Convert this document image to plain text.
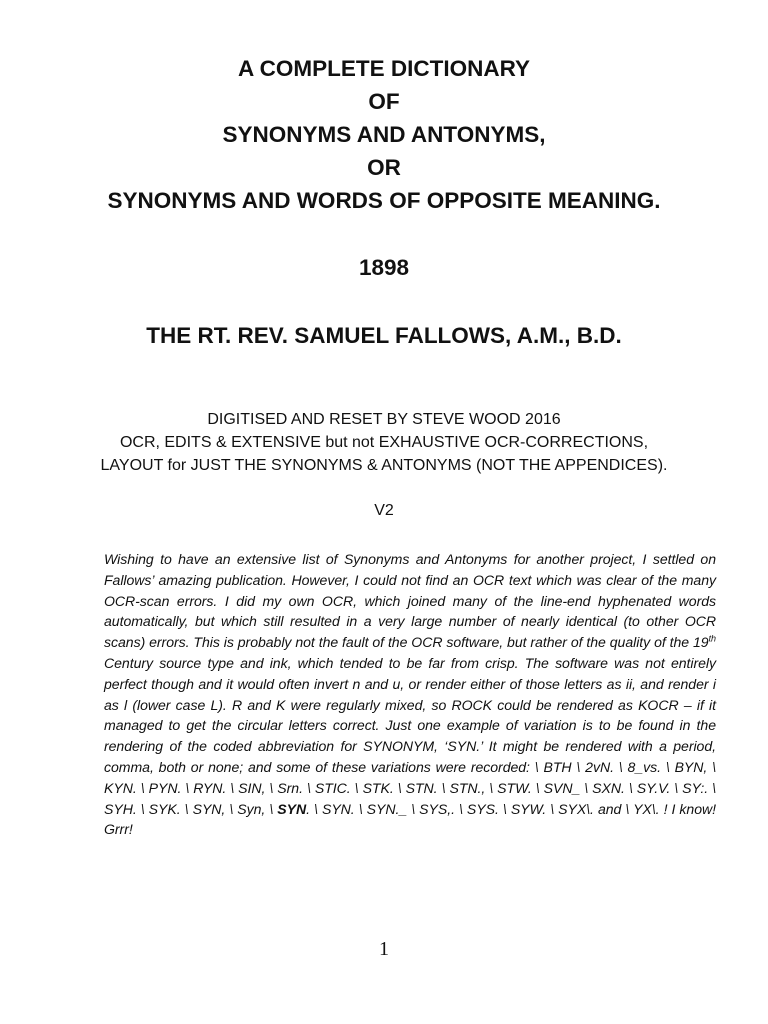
A COMPLETE DICTIONARY
OF
SYNONYMS AND ANTONYMS,
OR
SYNONYMS AND WORDS OF OPPOSITE MEANING.
1898
THE RT. REV. SAMUEL FALLOWS, A.M., B.D.
DIGITISED AND RESET BY STEVE WOOD 2016
OCR, EDITS & EXTENSIVE but not EXHAUSTIVE OCR-CORRECTIONS,
LAYOUT for JUST THE SYNONYMS & ANTONYMS (NOT THE APPENDICES).
V2
Wishing to have an extensive list of Synonyms and Antonyms for another project, I settled on Fallows’ amazing publication. However, I could not find an OCR text which was clear of the many OCR-scan errors. I did my own OCR, which joined many of the line-end hyphenated words automatically, but which still resulted in a very large number of nearly identical (to other OCR scans) errors. This is probably not the fault of the OCR software, but rather of the quality of the 19th Century source type and ink, which tended to be far from crisp. The software was not entirely perfect though and it would often invert n and u, or render either of those letters as ii, and render i as l (lower case L). R and K were regularly mixed, so ROCK could be rendered as KOCR – if it managed to get the circular letters correct. Just one example of variation is to be found in the rendering of the coded abbreviation for SYNONYM, ‘SYN.’ It might be rendered with a period, comma, both or none; and some of these variations were recorded: \ BTH \ 2vN. \ 8_vs. \ BYN, \ KYN. \ PYN. \ RYN. \ SIN, \ Srn. \ STIC. \ STK. \ STN. \ STN., \ STW. \ SVN_ \ SXN. \ SY.V. \ SY:. \ SYH. \ SYK. \ SYN, \ Syn, \ SYN. \ SYN. \ SYN._ \ SYS,. \ SYS. \ SYW. \ SYX\. and \ YX\. ! I know! Grrr!
1
